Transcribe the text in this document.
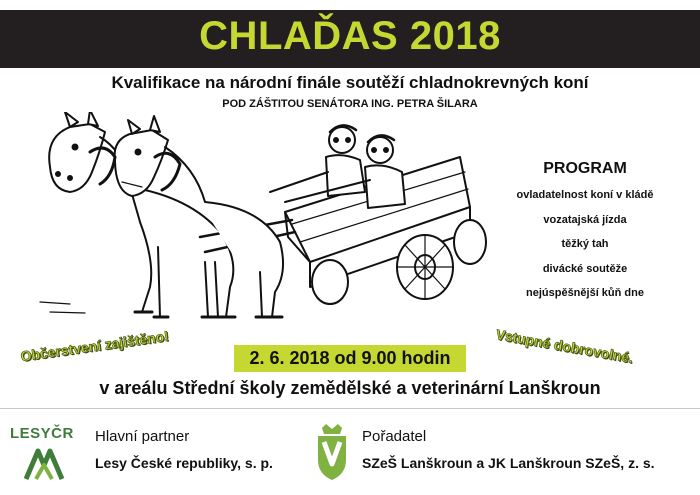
CHLAĎAS 2018
Kvalifikace na národní finále soutěží chladnokrevných koní
POD ZÁŠTITOU SENÁTORA ING. PETRA ŠILARA
PROGRAM
ovladatelnost koní v kládě
vozatajská jízda
těžký tah
divácké soutěže
nejúspěšnější kůň dne
Občerstvení zajištěno!	Vstupné dobrovolné.
2. 6. 2018 od 9.00 hodin
v areálu Střední školy zemědělské a veterinární Lanškroun
LESYČR	Hlavní partner
Lesy České republiky, s. p.
Pořadatel
SZeŠ Lanškroun a JK Lanškroun SZeŠ, z. s.
